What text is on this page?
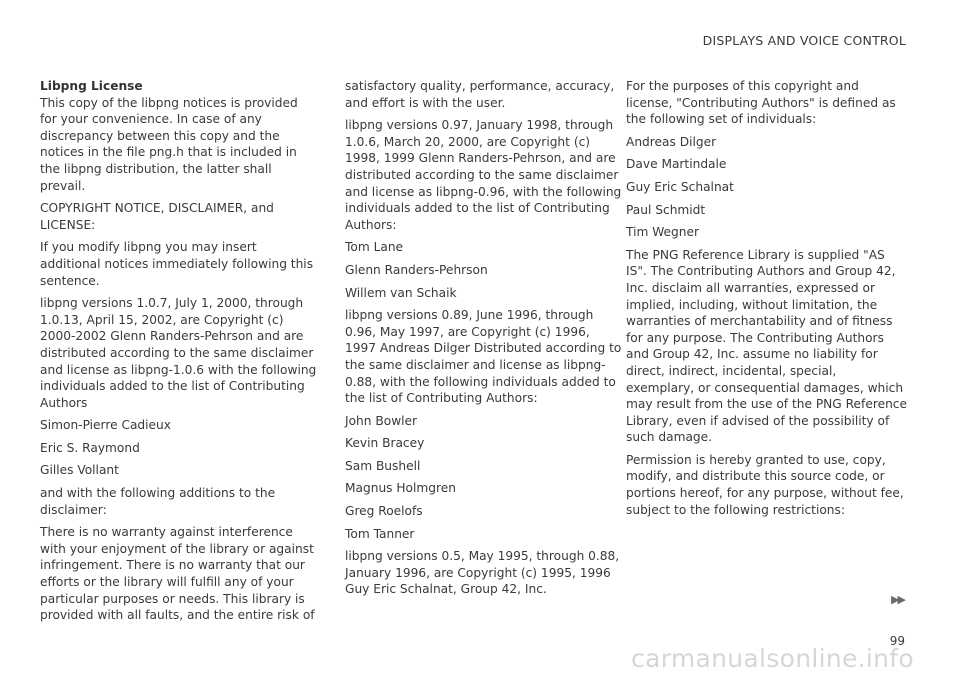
DISPLAYS AND VOICE CONTROL
Libpng License

This copy of the libpng notices is provided for your convenience. In case of any discrepancy between this copy and the notices in the file png.h that is included in the libpng distribution, the latter shall prevail.

COPYRIGHT NOTICE, DISCLAIMER, and LICENSE:

If you modify libpng you may insert additional notices immediately following this sentence.

libpng versions 1.0.7, July 1, 2000, through 1.0.13, April 15, 2002, are Copyright (c) 2000-2002 Glenn Randers-Pehrson and are distributed according to the same disclaimer and license as libpng-1.0.6 with the following individuals added to the list of Contributing Authors

Simon-Pierre Cadieux

Eric S. Raymond

Gilles Vollant

and with the following additions to the disclaimer:

There is no warranty against interference with your enjoyment of the library or against infringement. There is no warranty that our efforts or the library will fulfill any of your particular purposes or needs. This library is provided with all faults, and the entire risk of

satisfactory quality, performance, accuracy, and effort is with the user.

libpng versions 0.97, January 1998, through 1.0.6, March 20, 2000, are Copyright (c) 1998, 1999 Glenn Randers-Pehrson, and are distributed according to the same disclaimer and license as libpng-0.96, with the following individuals added to the list of Contributing Authors:

Tom Lane

Glenn Randers-Pehrson

Willem van Schaik

libpng versions 0.89, June 1996, through 0.96, May 1997, are Copyright (c) 1996, 1997 Andreas Dilger Distributed according to the same disclaimer and license as libpng-0.88, with the following individuals added to the list of Contributing Authors:

John Bowler

Kevin Bracey

Sam Bushell

Magnus Holmgren

Greg Roelofs

Tom Tanner

libpng versions 0.5, May 1995, through 0.88, January 1996, are Copyright (c) 1995, 1996 Guy Eric Schalnat, Group 42, Inc.

For the purposes of this copyright and license, "Contributing Authors" is defined as the following set of individuals:

Andreas Dilger

Dave Martindale

Guy Eric Schalnat

Paul Schmidt

Tim Wegner

The PNG Reference Library is supplied "AS IS". The Contributing Authors and Group 42, Inc. disclaim all warranties, expressed or implied, including, without limitation, the warranties of merchantability and of fitness for any purpose. The Contributing Authors and Group 42, Inc. assume no liability for direct, indirect, incidental, special, exemplary, or consequential damages, which may result from the use of the PNG Reference Library, even if advised of the possibility of such damage.

Permission is hereby granted to use, copy, modify, and distribute this source code, or portions hereof, for any purpose, without fee, subject to the following restrictions:

▶▶
99
carmanualsonline.info
